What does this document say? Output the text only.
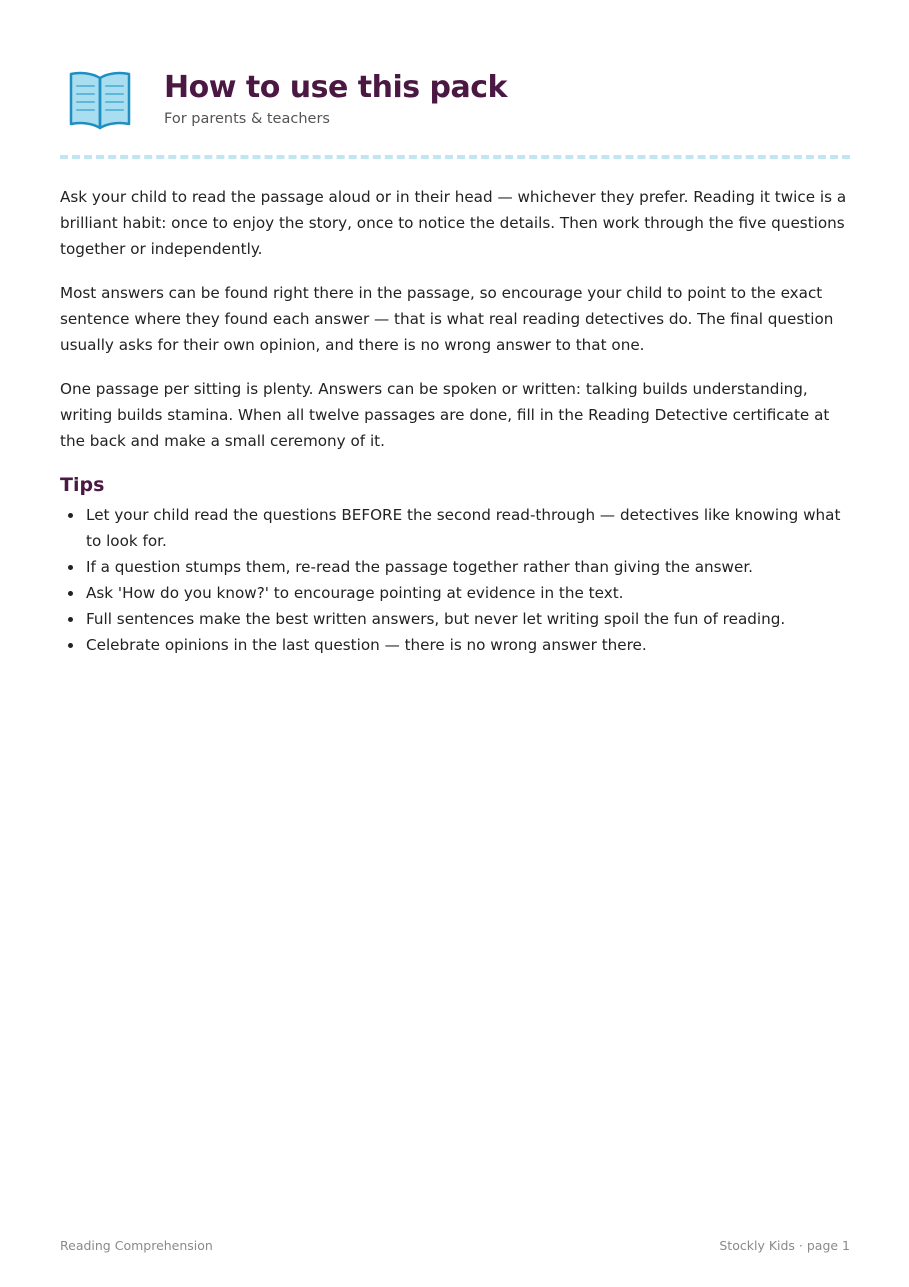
How to use this pack
For parents & teachers

Ask your child to read the passage aloud or in their head — whichever they prefer. Reading it twice is a brilliant habit: once to enjoy the story, once to notice the details. Then work through the five questions together or independently.

Most answers can be found right there in the passage, so encourage your child to point to the exact sentence where they found each answer — that is what real reading detectives do. The final question usually asks for their own opinion, and there is no wrong answer to that one.

One passage per sitting is plenty. Answers can be spoken or written: talking builds understanding, writing builds stamina. When all twelve passages are done, fill in the Reading Detective certificate at the back and make a small ceremony of it.

Tips
Let your child read the questions BEFORE the second read-through — detectives like knowing what to look for.
If a question stumps them, re-read the passage together rather than giving the answer.
Ask 'How do you know?' to encourage pointing at evidence in the text.
Full sentences make the best written answers, but never let writing spoil the fun of reading.
Celebrate opinions in the last question — there is no wrong answer there.
Reading Comprehension	Stockly Kids · page 1
